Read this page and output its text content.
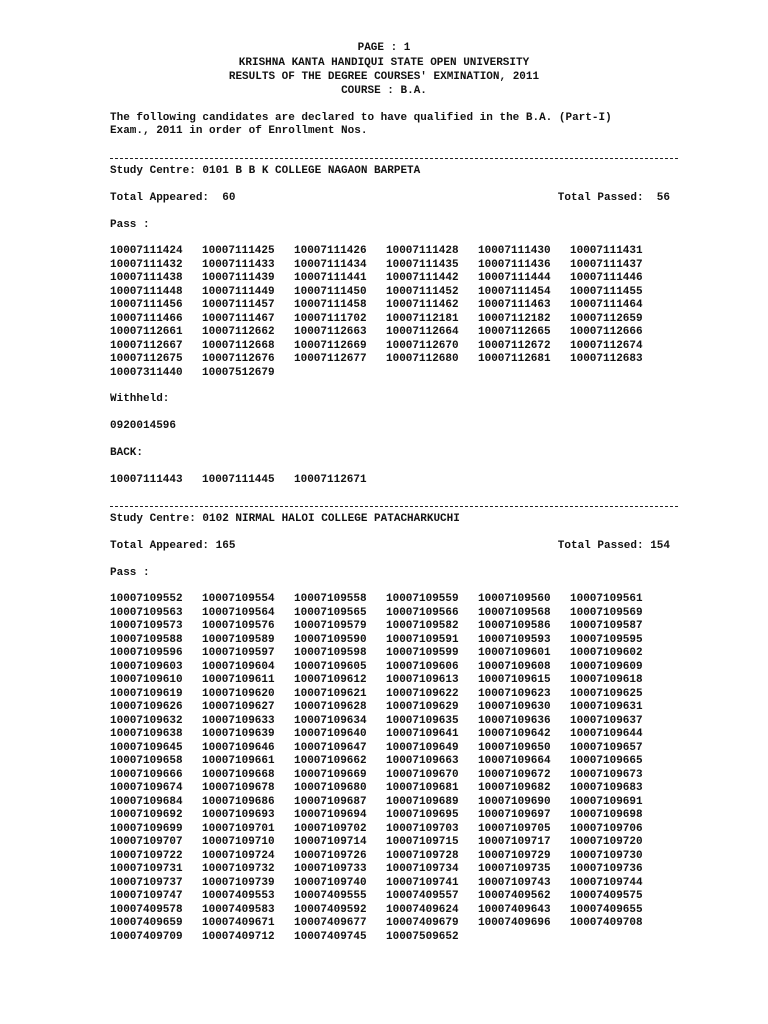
PAGE : 1
KRISHNA KANTA HANDIQUI STATE OPEN UNIVERSITY
RESULTS OF THE DEGREE COURSES' EXMINATION, 2011
COURSE : B.A.
The following candidates are declared to have qualified in the B.A. (Part-I)
Exam., 2011 in order of Enrollment Nos.
Study Centre: 0101 B B K COLLEGE NAGAON BARPETA
Total Appeared:  60	Total Passed:  56
Pass :
10007111424	10007111425	10007111426	10007111428	10007111430	10007111431
10007111432	10007111433	10007111434	10007111435	10007111436	10007111437
10007111438	10007111439	10007111441	10007111442	10007111444	10007111446
10007111448	10007111449	10007111450	10007111452	10007111454	10007111455
10007111456	10007111457	10007111458	10007111462	10007111463	10007111464
10007111466	10007111467	10007111702	10007112181	10007112182	10007112659
10007112661	10007112662	10007112663	10007112664	10007112665	10007112666
10007112667	10007112668	10007112669	10007112670	10007112672	10007112674
10007112675	10007112676	10007112677	10007112680	10007112681	10007112683
10007311440	10007512679
Withheld:
0920014596
BACK:
10007111443	10007111445	10007112671
Study Centre: 0102 NIRMAL HALOI COLLEGE PATACHARKUCHI
Total Appeared: 165	Total Passed: 154
Pass :
10007109552	10007109554	10007109558	10007109559	10007109560	10007109561
10007109563	10007109564	10007109565	10007109566	10007109568	10007109569
10007109573	10007109576	10007109579	10007109582	10007109586	10007109587
10007109588	10007109589	10007109590	10007109591	10007109593	10007109595
10007109596	10007109597	10007109598	10007109599	10007109601	10007109602
10007109603	10007109604	10007109605	10007109606	10007109608	10007109609
10007109610	10007109611	10007109612	10007109613	10007109615	10007109618
10007109619	10007109620	10007109621	10007109622	10007109623	10007109625
10007109626	10007109627	10007109628	10007109629	10007109630	10007109631
10007109632	10007109633	10007109634	10007109635	10007109636	10007109637
10007109638	10007109639	10007109640	10007109641	10007109642	10007109644
10007109645	10007109646	10007109647	10007109649	10007109650	10007109657
10007109658	10007109661	10007109662	10007109663	10007109664	10007109665
10007109666	10007109668	10007109669	10007109670	10007109672	10007109673
10007109674	10007109678	10007109680	10007109681	10007109682	10007109683
10007109684	10007109686	10007109687	10007109689	10007109690	10007109691
10007109692	10007109693	10007109694	10007109695	10007109697	10007109698
10007109699	10007109701	10007109702	10007109703	10007109705	10007109706
10007109707	10007109710	10007109714	10007109715	10007109717	10007109720
10007109722	10007109724	10007109726	10007109728	10007109729	10007109730
10007109731	10007109732	10007109733	10007109734	10007109735	10007109736
10007109737	10007109739	10007109740	10007109741	10007109743	10007109744
10007109747	10007409553	10007409555	10007409557	10007409562	10007409575
10007409578	10007409583	10007409592	10007409624	10007409643	10007409655
10007409659	10007409671	10007409677	10007409679	10007409696	10007409708
10007409709	10007409712	10007409745	10007509652
